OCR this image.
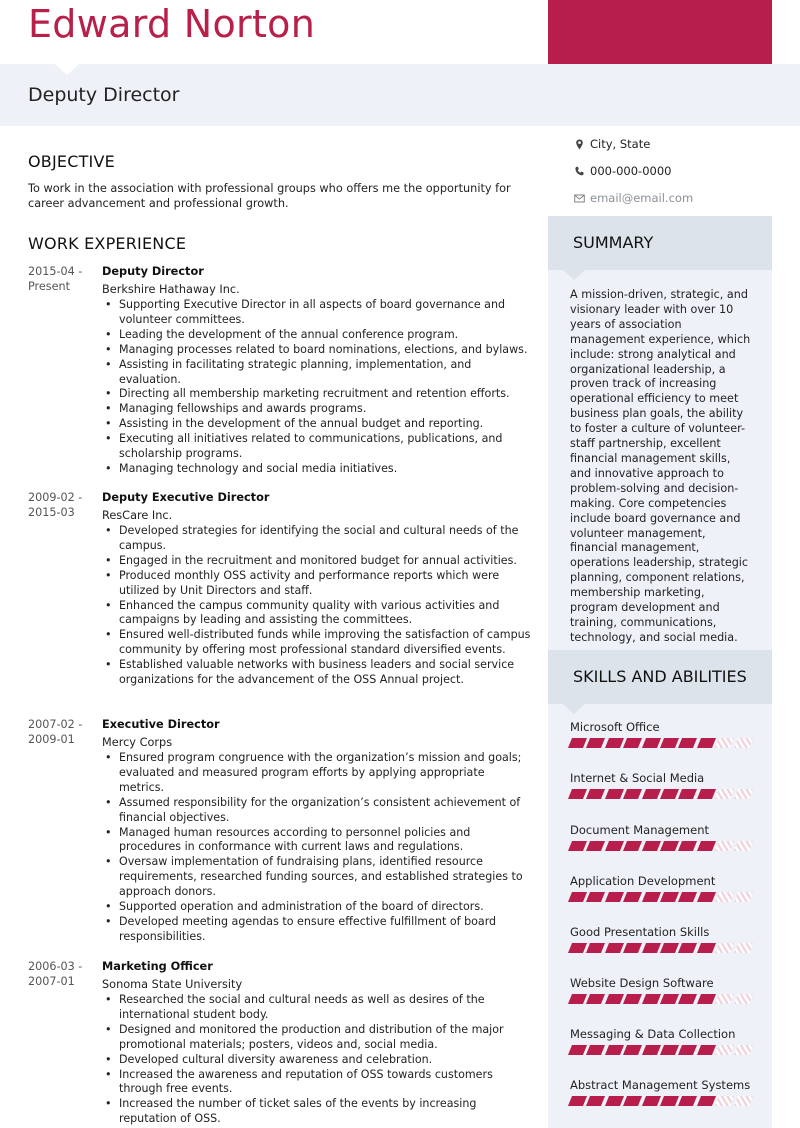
Edward Norton
Deputy Director
City, State
000-000-0000
email@email.com
SUMMARY
A mission-driven, strategic, and visionary leader with over 10 years of association management experience, which include: strong analytical and organizational leadership, a proven track of increasing operational efficiency to meet business plan goals, the ability to foster a culture of volunteer-staff partnership, excellent financial management skills, and innovative approach to problem-solving and decision-making. Core competencies include board governance and volunteer management, financial management, operations leadership, strategic planning, component relations, membership marketing, program development and training, communications, technology, and social media.
SKILLS AND ABILITIES
Microsoft Office
Internet & Social Media
Document Management
Application Development
Good Presentation Skills
Website Design Software
Messaging & Data Collection
Abstract Management Systems
OBJECTIVE
To work in the association with professional groups who offers me the opportunity for career advancement and professional growth.
WORK EXPERIENCE
2015-04 - Present
Deputy Director
Berkshire Hathaway Inc.
• Supporting Executive Director in all aspects of board governance and volunteer committees.
• Leading the development of the annual conference program.
• Managing processes related to board nominations, elections, and bylaws.
• Assisting in facilitating strategic planning, implementation, and evaluation.
• Directing all membership marketing recruitment and retention efforts.
• Managing fellowships and awards programs.
• Assisting in the development of the annual budget and reporting.
• Executing all initiatives related to communications, publications, and scholarship programs.
• Managing technology and social media initiatives.
2009-02 - 2015-03
Deputy Executive Director
ResCare Inc.
• Developed strategies for identifying the social and cultural needs of the campus.
• Engaged in the recruitment and monitored budget for annual activities.
• Produced monthly OSS activity and performance reports which were utilized by Unit Directors and staff.
• Enhanced the campus community quality with various activities and campaigns by leading and assisting the committees.
• Ensured well-distributed funds while improving the satisfaction of campus community by offering most professional standard diversified events.
• Established valuable networks with business leaders and social service organizations for the advancement of the OSS Annual project.
2007-02 - 2009-01
Executive Director
Mercy Corps
• Ensured program congruence with the organization’s mission and goals; evaluated and measured program efforts by applying appropriate metrics.
• Assumed responsibility for the organization’s consistent achievement of financial objectives.
• Managed human resources according to personnel policies and procedures in conformance with current laws and regulations.
• Oversaw implementation of fundraising plans, identified resource requirements, researched funding sources, and established strategies to approach donors.
• Supported operation and administration of the board of directors.
• Developed meeting agendas to ensure effective fulfillment of board responsibilities.
2006-03 - 2007-01
Marketing Officer
Sonoma State University
• Researched the social and cultural needs as well as desires of the international student body.
• Designed and monitored the production and distribution of the major promotional materials; posters, videos and, social media.
• Developed cultural diversity awareness and celebration.
• Increased the awareness and reputation of OSS towards customers through free events.
• Increased the number of ticket sales of the events by increasing reputation of OSS.
